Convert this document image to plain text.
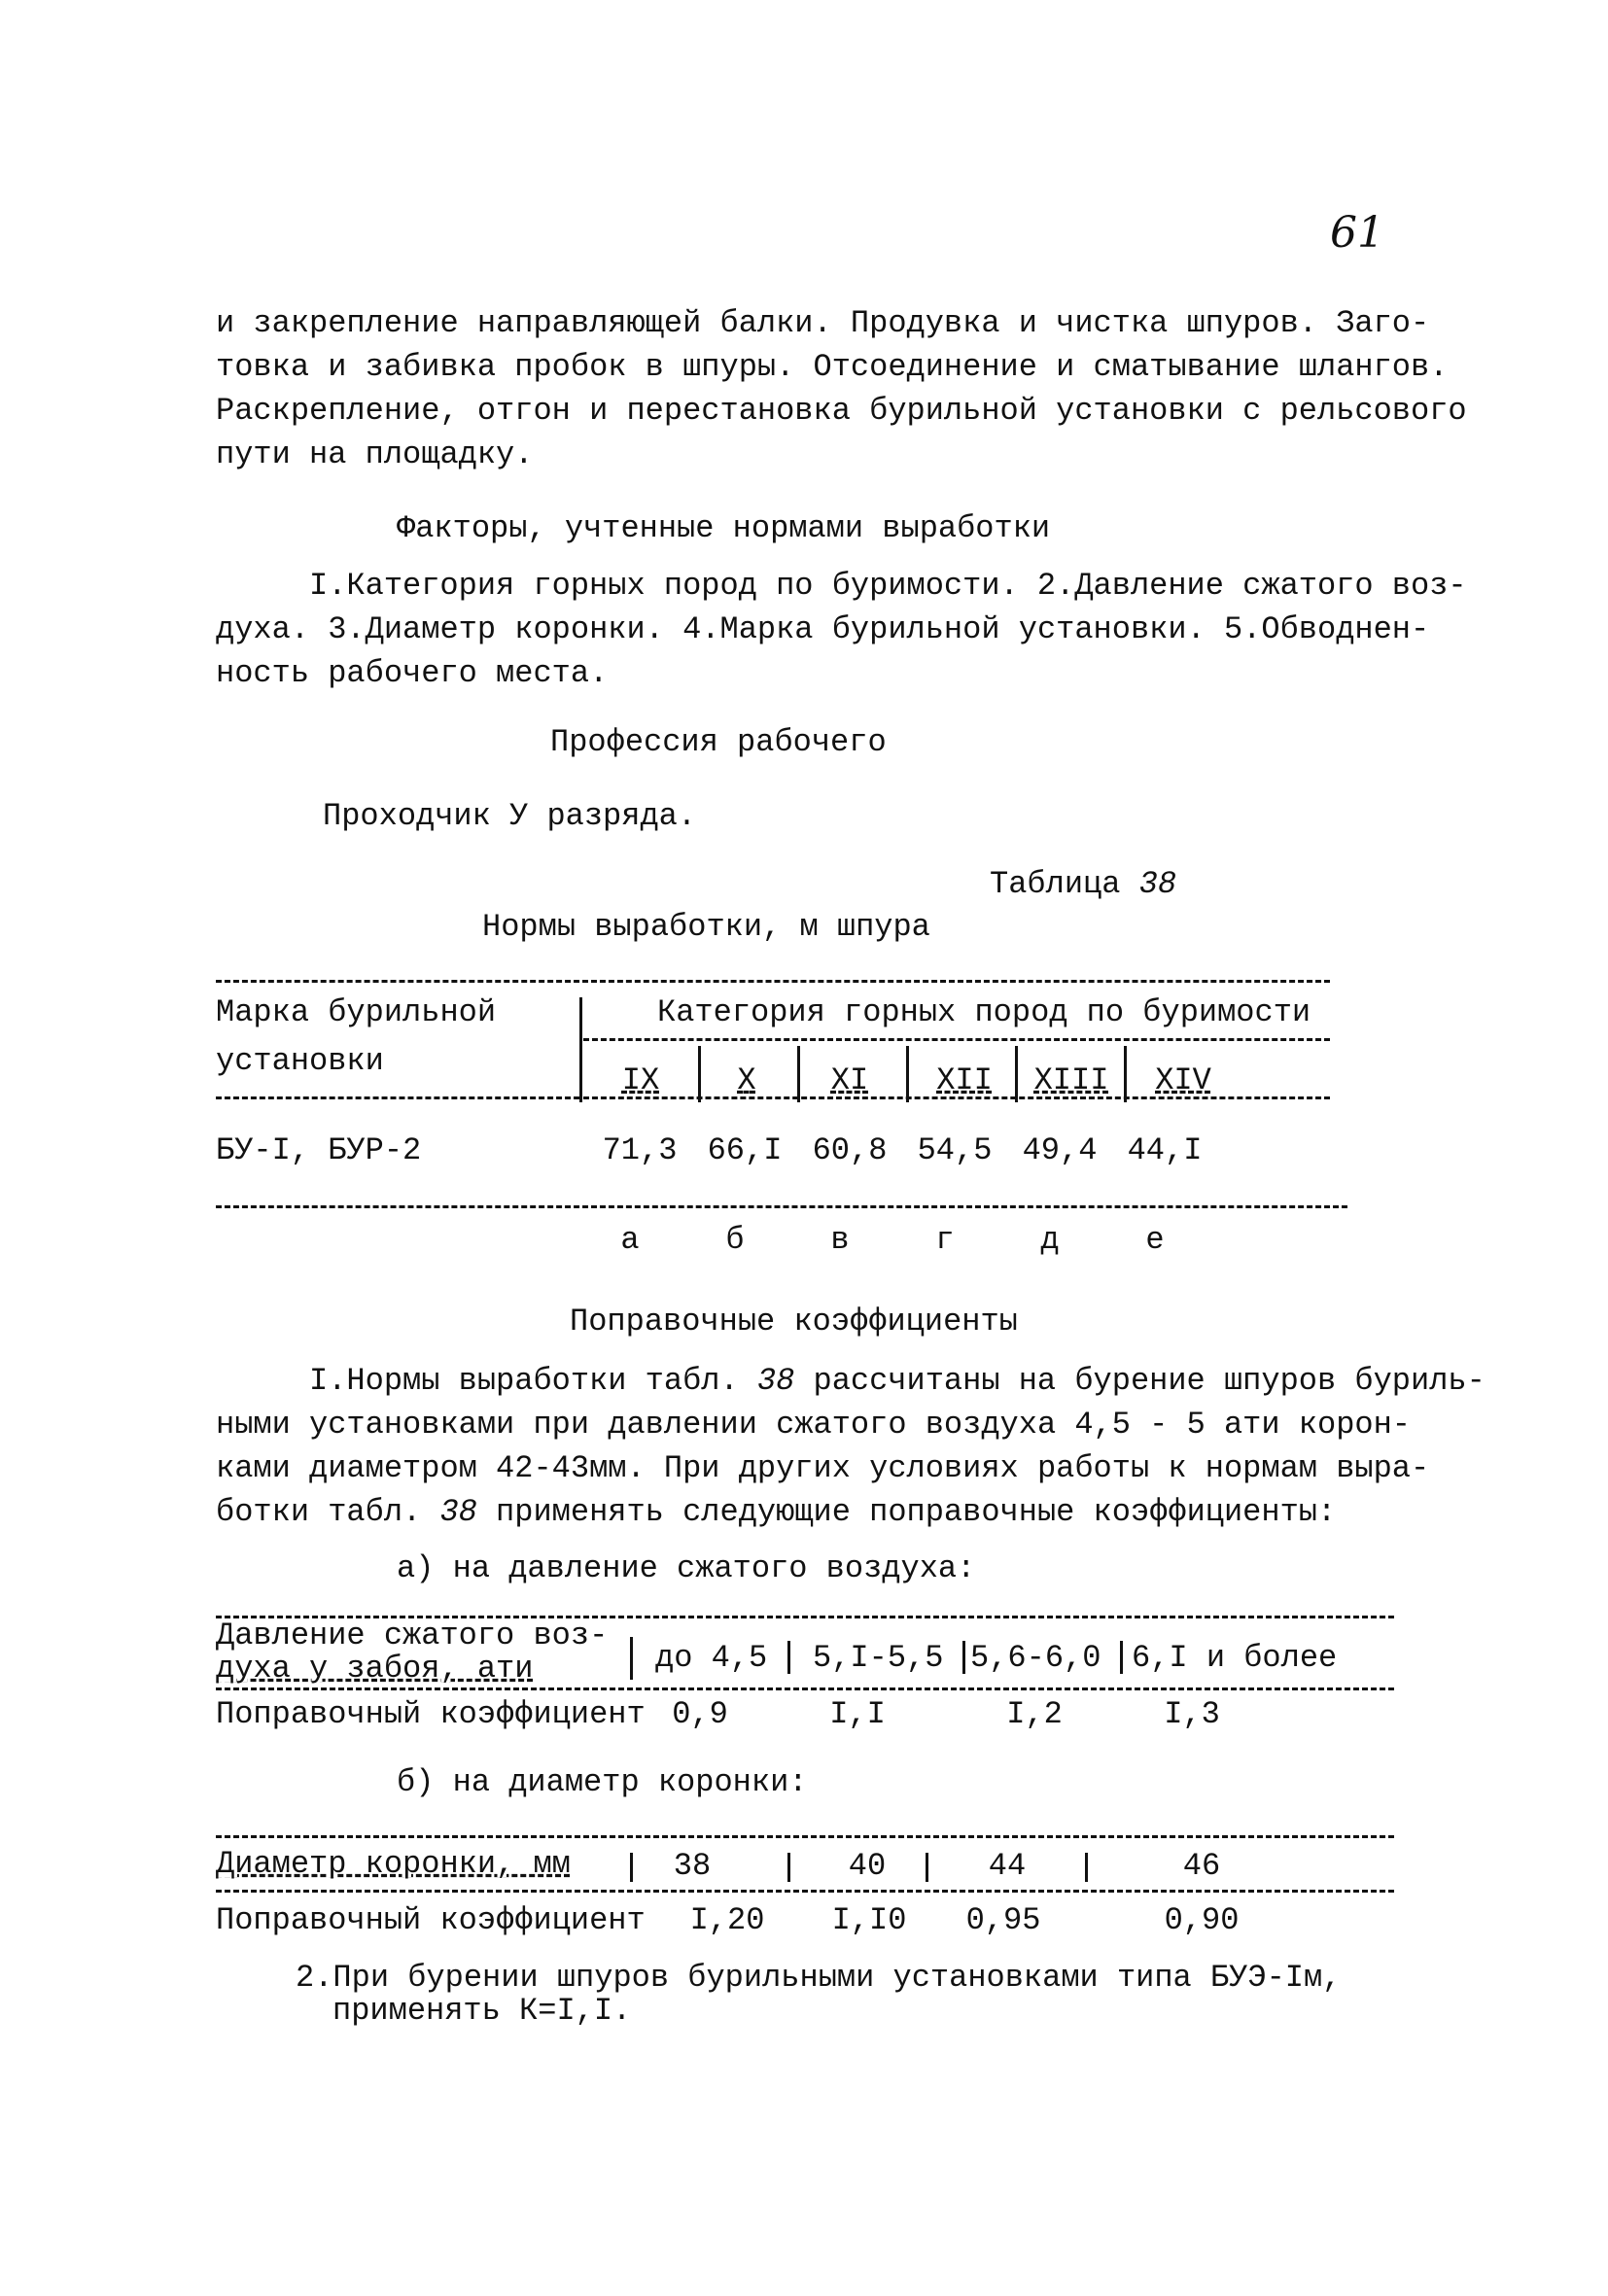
61
и закрепление направляющей балки. Продувка и чистка шпуров. Заго-
товка и забивка пробок в шпуры. Отсоединение и сматывание шлангов.
Раскрепление, отгон и перестановка бурильной установки с рельсового
пути на площадку.
Факторы, учтенные нормами выработки
I.Категория горных пород по буримости. 2.Давление сжатого воз-
духа. 3.Диаметр коронки. 4.Марка бурильной установки. 5.Обводнен-
ность рабочего места.
Профессия рабочего
Проходчик У разряда.
Таблица 38
Нормы выработки, м шпура
Марка бурильной
установки
Категория горных пород по буримости
IX	X	XI	XII	XIII	XIV
БУ-I, БУР-2	71,3 66,I 60,8 54,5 49,4 44,I
а	б	в	г	д	е
Поправочные коэффициенты
I.Нормы выработки табл. 38 рассчитаны на бурение шпуров буриль-
ными установками при давлении сжатого воздуха 4,5 - 5 ати корон-
ками диаметром 42-43мм. При других условиях работы к нормам выра-
ботки табл. 38 применять следующие поправочные коэффициенты:
а) на давление сжатого воздуха:
Давление сжатого воз-
духа у забоя, ати	до 4,5 5,I-5,5 5,6-6,0 6,I и более
Поправочный коэффициент 0,9	I,I	I,2	I,3
б) на диаметр коронки:
Диаметр коронки, мм	38	40	44	46
Поправочный коэффициент	I,20	I,I0	0,95	0,90
2.При бурении шпуров бурильными установками типа БУЭ-Iм,
применять К=I,I.
